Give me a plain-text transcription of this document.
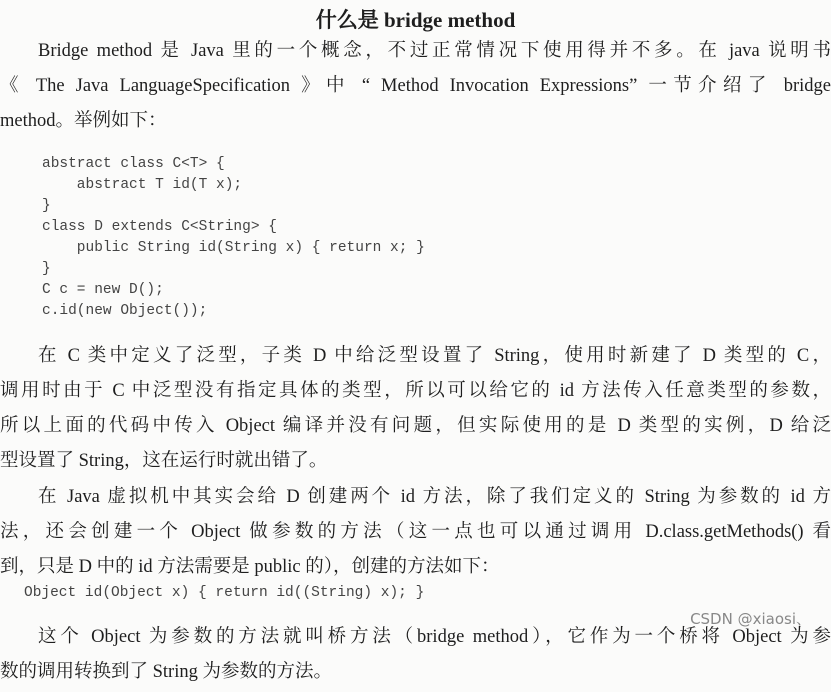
什么是 bridge method
Bridge method 是 Java 里的一个概念，不过正常情况下使用得并不多。在 java 说明书
《 The Java LanguageSpecification 》中 “ Method Invocation Expressions” 一节介绍了 bridge
method。举例如下：
abstract class C<T> {
abstract T id(T x);
}
class D extends C<String> {
public String id(String x) { return x; }
}
C c = new D();
c.id(new Object());
在 C 类中定义了泛型，子类 D 中给泛型设置了 String，使用时新建了 D 类型的 C，
调用时由于 C 中泛型没有指定具体的类型，所以可以给它的 id 方法传入任意类型的参数，
所以上面的代码中传入 Object 编译并没有问题，但实际使用的是 D 类型的实例，D 给泛
型设置了 String，这在运行时就出错了。
在 Java 虚拟机中其实会给 D 创建两个 id 方法，除了我们定义的 String 为参数的 id 方
法，还会创建一个 Object 做参数的方法（这一点也可以通过调用 D.class.getMethods() 看
到，只是 D 中的 id 方法需要是 public 的），创建的方法如下：
Object id(Object x) { return id((String) x); }
这个 Object 为参数的方法就叫桥方法（bridge method），它作为一个桥将 Object 为参
数的调用转换到了 String 为参数的方法。
CSDN @xiaosi、
